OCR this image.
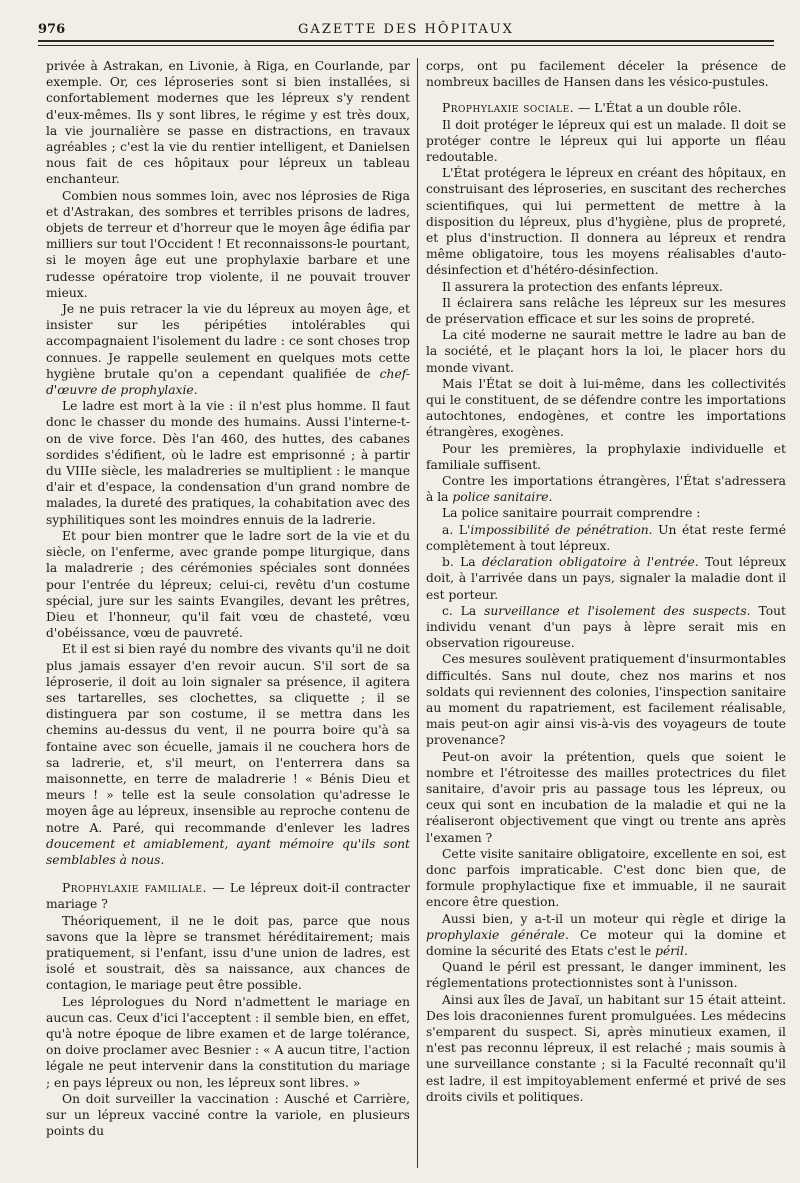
976	GAZETTE DES HÔPITAUX

privée à Astrakan, en Livonie, à Riga, en Courlande, par exemple. Or, ces léproseries sont si bien installées, si confortablement modernes que les lépreux s'y rendent d'eux-mêmes. Ils y sont libres, le régime y est très doux, la vie journalière se passe en distractions, en travaux agréables ; c'est la vie du rentier intelligent, et Danielsen nous fait de ces hôpitaux pour lépreux un tableau enchanteur.

Combien nous sommes loin, avec nos léprosies de Riga et d'Astrakan, des sombres et terribles prisons de ladres, objets de terreur et d'horreur que le moyen âge édifia par milliers sur tout l'Occident ! Et reconnaissons-le pourtant, si le moyen âge eut une prophylaxie barbare et une rudesse opératoire trop violente, il ne pouvait trouver mieux.

Je ne puis retracer la vie du lépreux au moyen âge, et insister sur les péripéties intolérables qui accompagnaient l'isolement du ladre : ce sont choses trop connues. Je rappelle seulement en quelques mots cette hygiène brutale qu'on a cependant qualifiée de chef-d'œuvre de prophylaxie.

Le ladre est mort à la vie : il n'est plus homme. Il faut donc le chasser du monde des humains. Aussi l'interne-t-on de vive force. Dès l'an 460, des huttes, des cabanes sordides s'édifient, où le ladre est emprisonné ; à partir du VIIIe siècle, les maladreries se multiplient : le manque d'air et d'espace, la condensation d'un grand nombre de malades, la dureté des pratiques, la cohabitation avec des syphilitiques sont les moindres ennuis de la ladrerie.

Et pour bien montrer que le ladre sort de la vie et du siècle, on l'enferme, avec grande pompe liturgique, dans la maladrerie ; des cérémonies spéciales sont données pour l'entrée du lépreux; celui-ci, revêtu d'un costume spécial, jure sur les saints Evangiles, devant les prêtres, Dieu et l'honneur, qu'il fait vœu de chasteté, vœu d'obéissance, vœu de pauvreté.

Et il est si bien rayé du nombre des vivants qu'il ne doit plus jamais essayer d'en revoir aucun. S'il sort de sa léproserie, il doit au loin signaler sa présence, il agitera ses tartarelles, ses clochettes, sa cliquette ; il se distinguera par son costume, il se mettra dans les chemins au-dessus du vent, il ne pourra boire qu'à sa fontaine avec son écuelle, jamais il ne couchera hors de sa ladrerie, et, s'il meurt, on l'enterrera dans sa maisonnette, en terre de maladrerie ! « Bénis Dieu et meurs ! » telle est la seule consolation qu'adresse le moyen âge au lépreux, insensible au reproche contenu de notre A. Paré, qui recommande d'enlever les ladres doucement et amiablement, ayant mémoire qu'ils sont semblables à nous.

Prophylaxie familiale. — Le lépreux doit-il contracter mariage ?

Théoriquement, il ne le doit pas, parce que nous savons que la lèpre se transmet héréditairement; mais pratiquement, si l'enfant, issu d'une union de ladres, est isolé et soustrait, dès sa naissance, aux chances de contagion, le mariage peut être possible.

Les léprologues du Nord n'admettent le mariage en aucun cas. Ceux d'ici l'acceptent : il semble bien, en effet, qu'à notre époque de libre examen et de large tolérance, on doive proclamer avec Besnier : « A aucun titre, l'action légale ne peut intervenir dans la constitution du mariage ; en pays lépreux ou non, les lépreux sont libres. »

On doit surveiller la vaccination : Ausché et Carrière, sur un lépreux vacciné contre la variole, en plusieurs points du

corps, ont pu facilement déceler la présence de nombreux bacilles de Hansen dans les vésico-pustules.

Prophylaxie sociale. — L'État a un double rôle.

Il doit protéger le lépreux qui est un malade. Il doit se protéger contre le lépreux qui lui apporte un fléau redoutable.

L'État protégera le lépreux en créant des hôpitaux, en construisant des léproseries, en suscitant des recherches scientifiques, qui lui permettent de mettre à la disposition du lépreux, plus d'hygiène, plus de propreté, et plus d'instruction. Il donnera au lépreux et rendra même obligatoire, tous les moyens réalisables d'auto-désinfection et d'hétéro-désinfection.

Il assurera la protection des enfants lépreux.

Il éclairera sans relâche les lépreux sur les mesures de préservation efficace et sur les soins de propreté.

La cité moderne ne saurait mettre le ladre au ban de la société, et le plaçant hors la loi, le placer hors du monde vivant.

Mais l'État se doit à lui-même, dans les collectivités qui le constituent, de se défendre contre les importations autochtones, endogènes, et contre les importations étrangères, exogènes.

Pour les premières, la prophylaxie individuelle et familiale suffisent.

Contre les importations étrangères, l'État s'adressera à la police sanitaire.

La police sanitaire pourrait comprendre :

a. L'impossibilité de pénétration. Un état reste fermé complètement à tout lépreux.

b. La déclaration obligatoire à l'entrée. Tout lépreux doit, à l'arrivée dans un pays, signaler la maladie dont il est porteur.

c. La surveillance et l'isolement des suspects. Tout individu venant d'un pays à lèpre serait mis en observation rigoureuse.

Ces mesures soulèvent pratiquement d'insurmontables difficultés. Sans nul doute, chez nos marins et nos soldats qui reviennent des colonies, l'inspection sanitaire au moment du rapatriement, est facilement réalisable, mais peut-on agir ainsi vis-à-vis des voyageurs de toute provenance?

Peut-on avoir la prétention, quels que soient le nombre et l'étroitesse des mailles protectrices du filet sanitaire, d'avoir pris au passage tous les lépreux, ou ceux qui sont en incubation de la maladie et qui ne la réaliseront objectivement que vingt ou trente ans après l'examen ?

Cette visite sanitaire obligatoire, excellente en soi, est donc parfois impraticable. C'est donc bien que, de formule prophylactique fixe et immuable, il ne saurait encore être question.

Aussi bien, y a-t-il un moteur qui règle et dirige la prophylaxie générale. Ce moteur qui la domine et domine la sécurité des Etats c'est le péril.

Quand le péril est pressant, le danger imminent, les réglementations protectionnistes sont à l'unisson.

Ainsi aux îles de Javaï, un habitant sur 15 était atteint. Des lois draconiennes furent promulguées. Les médecins s'emparent du suspect. Si, après minutieux examen, il n'est pas reconnu lépreux, il est relaché ; mais soumis à une surveillance constante ; si la Faculté reconnaît qu'il est ladre, il est impitoyablement enfermé et privé de ses droits civils et politiques.
